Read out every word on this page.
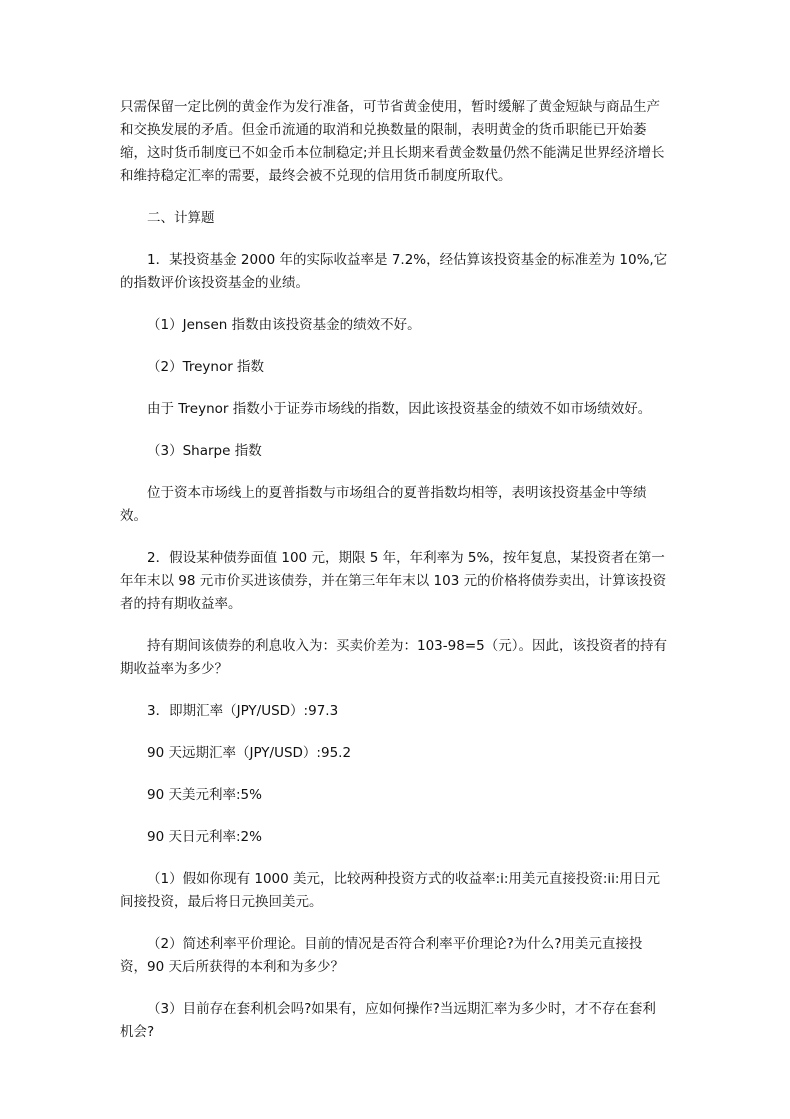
只需保留一定比例的黄金作为发行准备，可节省黄金使用，暂时缓解了黄金短缺与商品生产和交换发展的矛盾。但金币流通的取消和兑换数量的限制，表明黄金的货币职能已开始萎缩，这时货币制度已不如金币本位制稳定;并且长期来看黄金数量仍然不能满足世界经济增长和维持稳定汇率的需要，最终会被不兑现的信用货币制度所取代。

二、计算题

1．某投资基金 2000 年的实际收益率是 7.2%，经估算该投资基金的标准差为 10%,它的指数评价该投资基金的业绩。

（1）Jensen 指数由该投资基金的绩效不好。

（2）Treynor 指数

由于 Treynor 指数小于证券市场线的指数，因此该投资基金的绩效不如市场绩效好。

（3）Sharpe 指数

位于资本市场线上的夏普指数与市场组合的夏普指数均相等，表明该投资基金中等绩效。

2．假设某种债券面值 100 元，期限 5 年，年利率为 5%，按年复息，某投资者在第一年年末以 98 元市价买进该债券，并在第三年年末以 103 元的价格将债券卖出，计算该投资者的持有期收益率。

持有期间该债券的利息收入为：买卖价差为：103-98=5（元）。因此，该投资者的持有期收益率为多少？

3．即期汇率（JPY/USD）:97.3

90 天远期汇率（JPY/USD）:95.2

90 天美元利率:5%

90 天日元利率:2%

（1）假如你现有 1000 美元，比较两种投资方式的收益率:i:用美元直接投资:ii:用日元间接投资，最后将日元换回美元。

（2）简述利率平价理论。目前的情况是否符合利率平价理论?为什么?用美元直接投资，90 天后所获得的本利和为多少？

（3）目前存在套利机会吗?如果有，应如何操作?当远期汇率为多少时，才不存在套利机会?
